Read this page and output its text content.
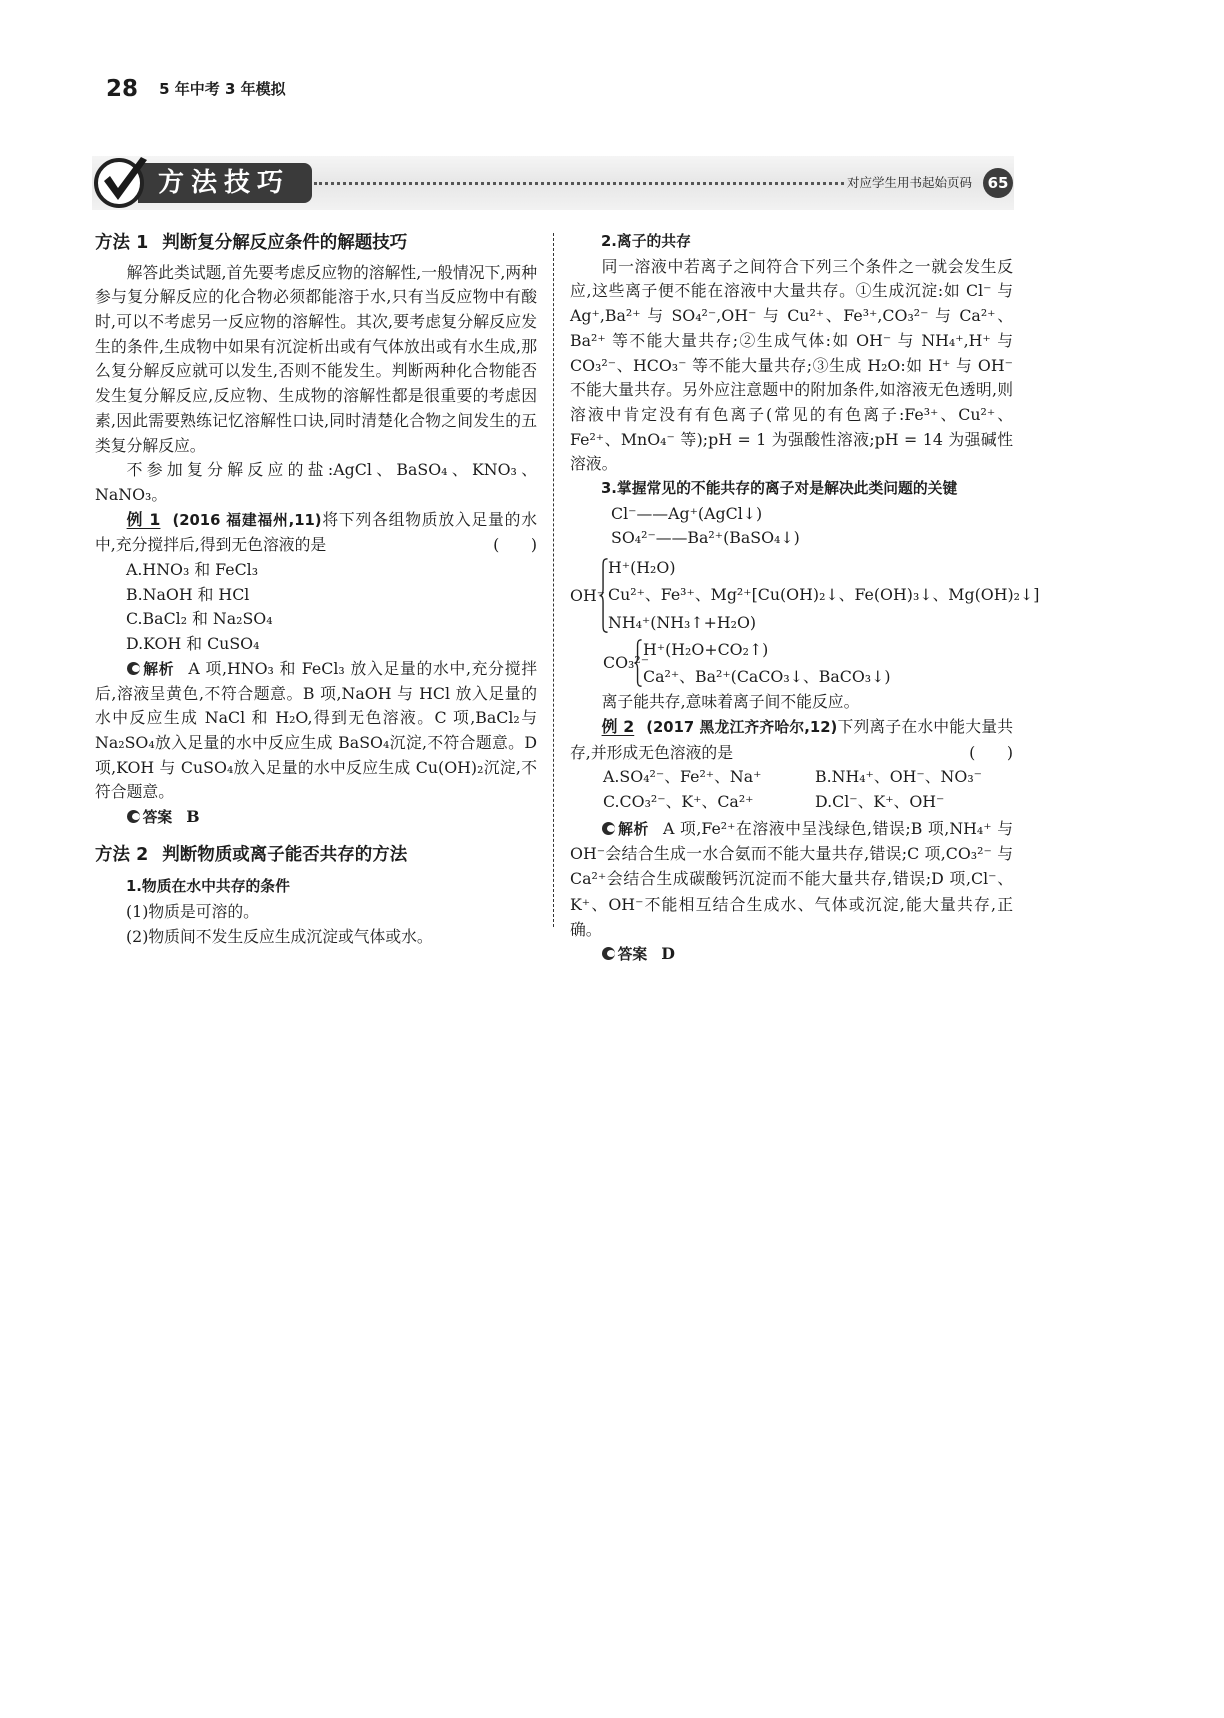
28 5 年中考 3 年模拟
方法技巧	对应学生用书起始页码	65
方法 1 判断复分解反应条件的解题技巧

解答此类试题,首先要考虑反应物的溶解性,一般情况下,两种参与复分解反应的化合物必须都能溶于水,只有当反应物中有酸时,可以不考虑另一反应物的溶解性。其次,要考虑复分解反应发生的条件,生成物中如果有沉淀析出或有气体放出或有水生成,那么复分解反应就可以发生,否则不能发生。判断两种化合物能否发生复分解反应,反应物、生成物的溶解性都是很重要的考虑因素,因此需要熟练记忆溶解性口诀,同时清楚化合物之间发生的五类复分解反应。

不参加复分解反应的盐:AgCl、BaSO₄、KNO₃、NaNO₃。

例 1 (2016 福建福州,11)将下列各组物质放入足量的水中,充分搅拌后,得到无色溶液的是	(　　)

A.HNO₃ 和 FeCl₃
B.NaOH 和 HCl
C.BaCl₂ 和 Na₂SO₄
D.KOH 和 CuSO₄

解析 A 项,HNO₃ 和 FeCl₃ 放入足量的水中,充分搅拌后,溶液呈黄色,不符合题意。B 项,NaOH 与 HCl 放入足量的水中反应生成 NaCl 和 H₂O,得到无色溶液。C 项,BaCl₂与 Na₂SO₄放入足量的水中反应生成 BaSO₄沉淀,不符合题意。D 项,KOH 与 CuSO₄放入足量的水中反应生成 Cu(OH)₂沉淀,不符合题意。

答案 B

方法 2 判断物质或离子能否共存的方法
1.物质在水中共存的条件
(1)物质是可溶的。
(2)物质间不发生反应生成沉淀或气体或水。
2.离子的共存

同一溶液中若离子之间符合下列三个条件之一就会发生反应,这些离子便不能在溶液中大量共存。①生成沉淀:如 Cl⁻ 与 Ag⁺,Ba²⁺ 与 SO₄²⁻,OH⁻ 与 Cu²⁺、Fe³⁺,CO₃²⁻ 与 Ca²⁺、Ba²⁺ 等不能大量共存;②生成气体:如 OH⁻ 与 NH₄⁺,H⁺ 与 CO₃²⁻、HCO₃⁻ 等不能大量共存;③生成 H₂O:如 H⁺ 与 OH⁻不能大量共存。另外应注意题中的附加条件,如溶液无色透明,则溶液中肯定没有有色离子(常见的有色离子:Fe³⁺、Cu²⁺、Fe²⁺、MnO₄⁻ 等);pH = 1 为强酸性溶液;pH = 14 为强碱性溶液。

3.掌握常见的不能共存的离子对是解决此类问题的关键
Cl⁻——Ag⁺(AgCl↓)
SO₄²⁻——Ba²⁺(BaSO₄↓)
OH⁻
H⁺(H₂O)
Cu²⁺、Fe³⁺、Mg²⁺[Cu(OH)₂↓、Fe(OH)₃↓、Mg(OH)₂↓]
NH₄⁺(NH₃↑+H₂O)
CO₃²⁻
H⁺(H₂O+CO₂↑)
Ca²⁺、Ba²⁺(CaCO₃↓、BaCO₃↓)

离子能共存,意味着离子间不能反应。

例 2 (2017 黑龙江齐齐哈尔,12)下列离子在水中能大量共存,并形成无色溶液的是	(　　)

A.SO₄²⁻、Fe²⁺、Na⁺	B.NH₄⁺、OH⁻、NO₃⁻
C.CO₃²⁻、K⁺、Ca²⁺	D.Cl⁻、K⁺、OH⁻

解析 A 项,Fe²⁺在溶液中呈浅绿色,错误;B 项,NH₄⁺ 与 OH⁻会结合生成一水合氨而不能大量共存,错误;C 项,CO₃²⁻ 与 Ca²⁺会结合生成碳酸钙沉淀而不能大量共存,错误;D 项,Cl⁻、K⁺、OH⁻不能相互结合生成水、气体或沉淀,能大量共存,正确。

答案 D
